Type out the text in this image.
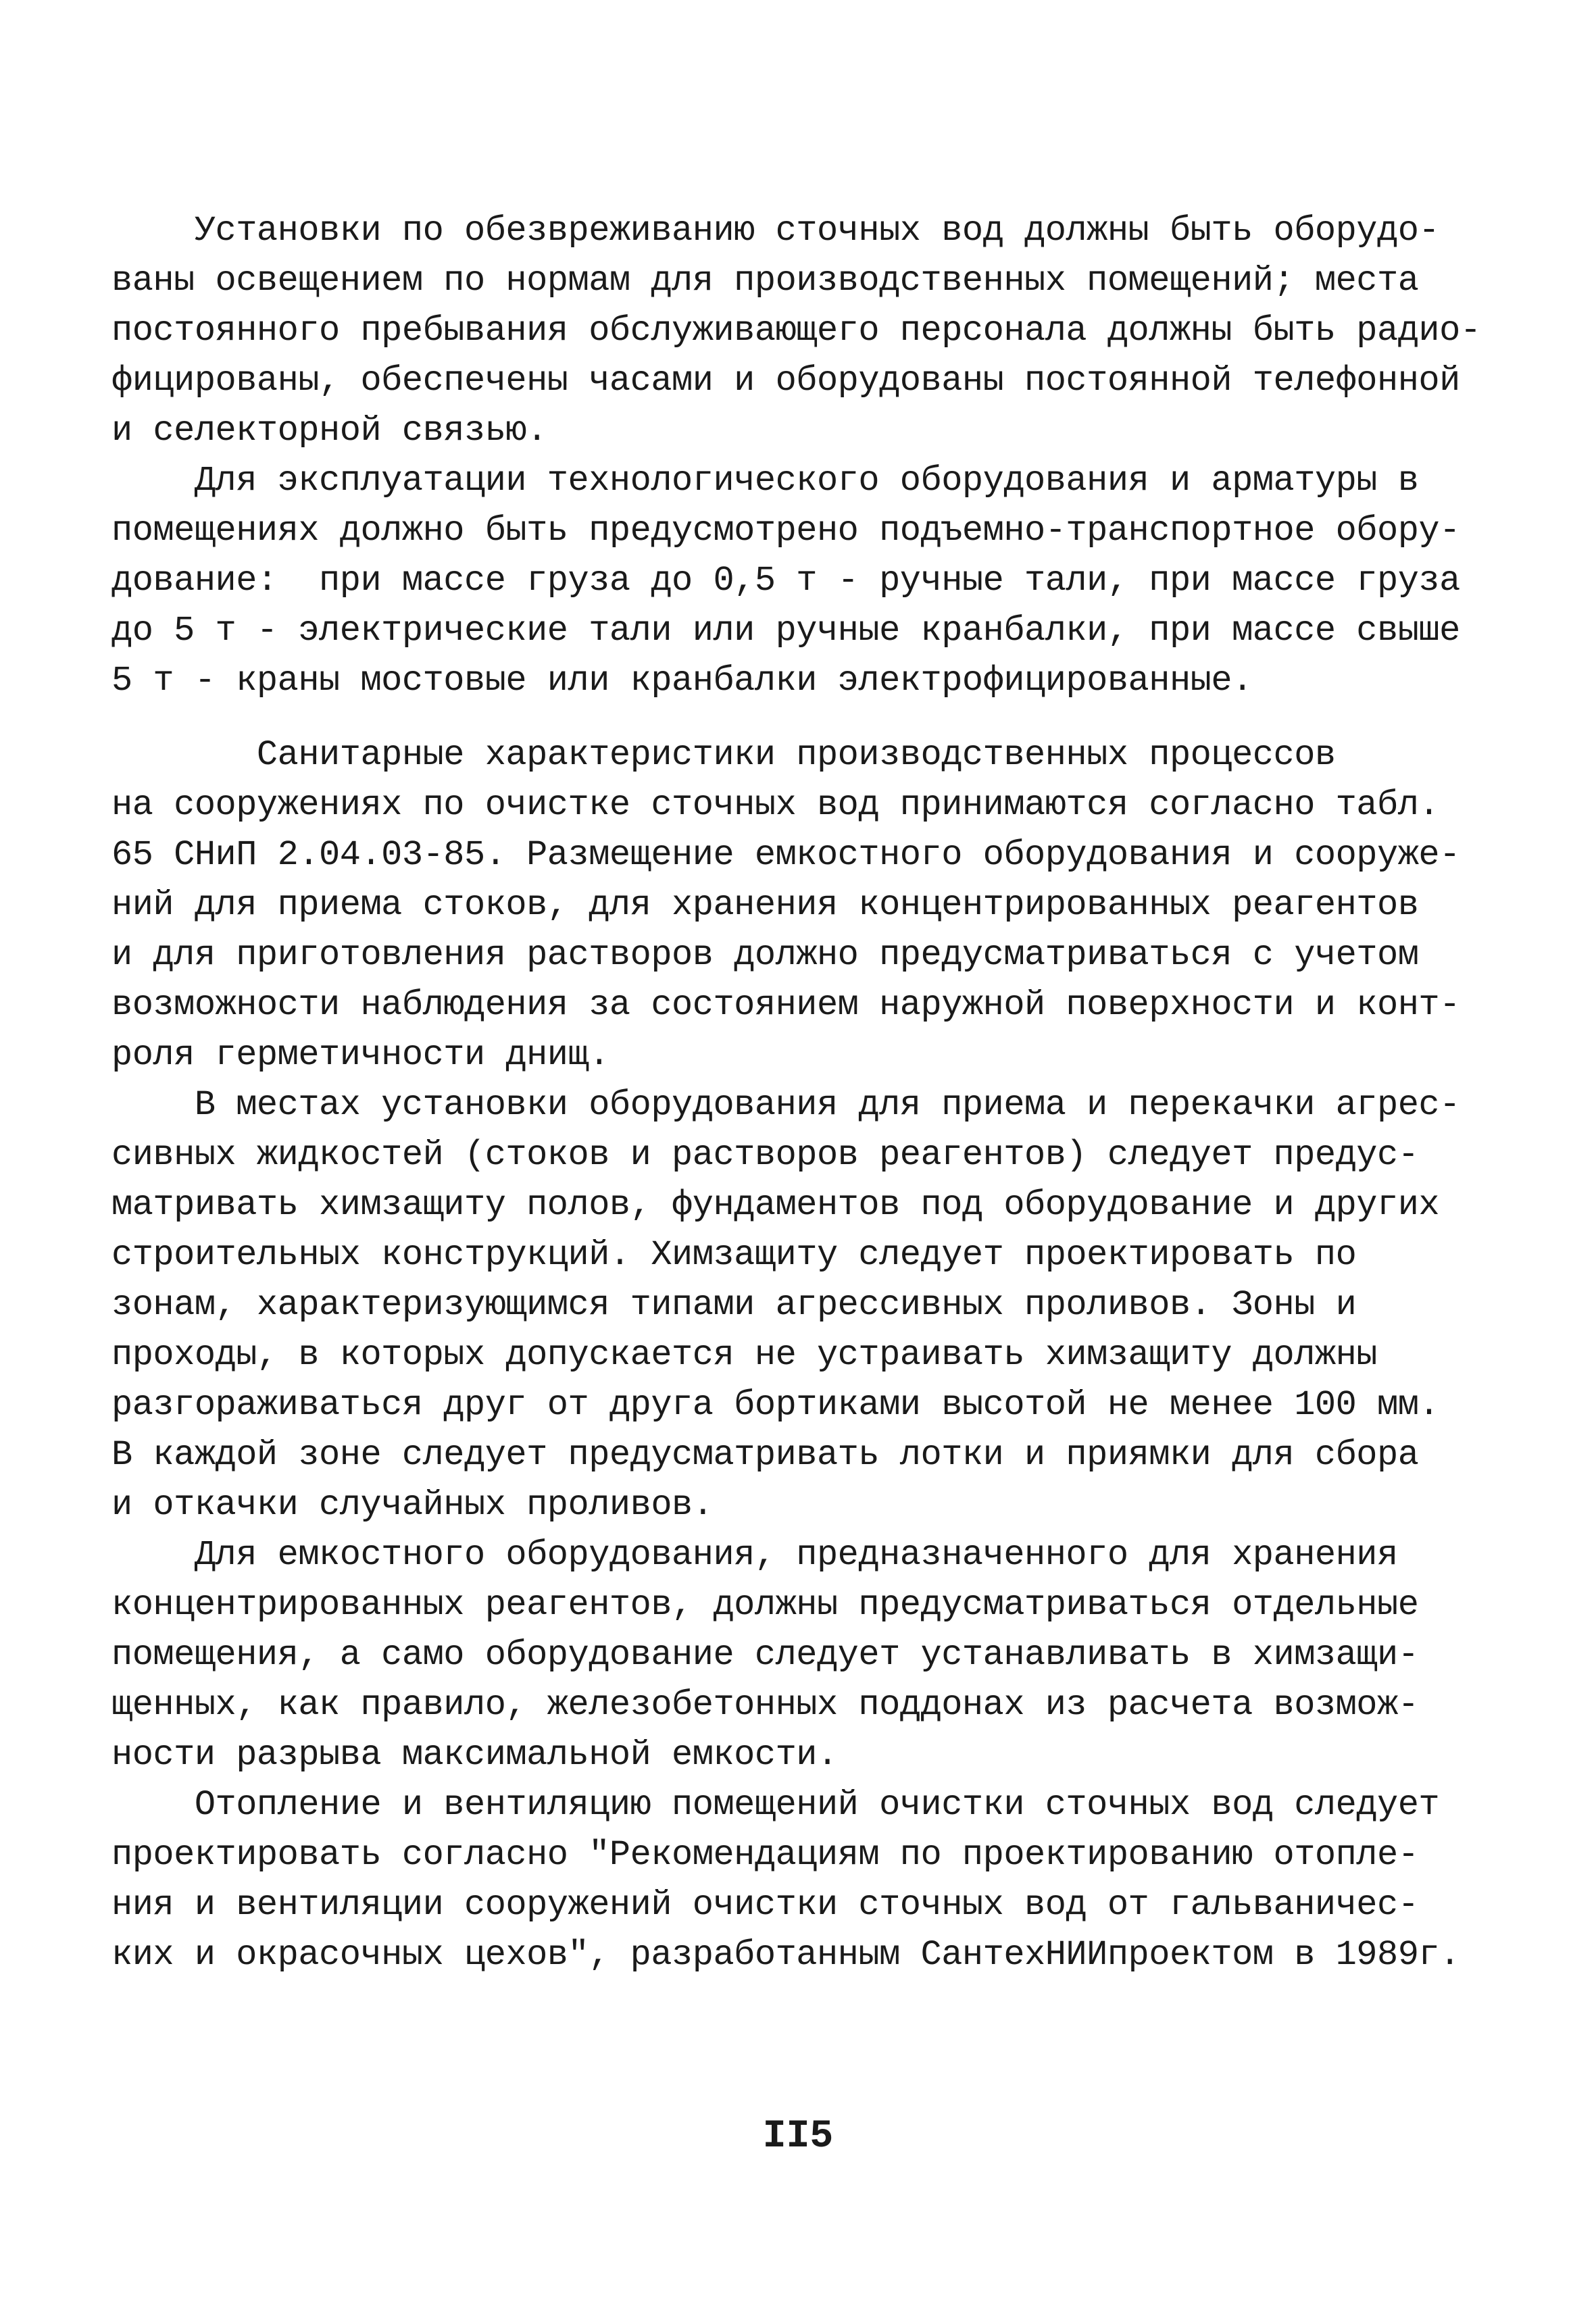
Установки по обезвреживанию сточных вод должны быть оборудо-
ваны освещением по нормам для производственных помещений; места
постоянного пребывания обслуживающего персонала должны быть радио-
фицированы, обеспечены часами и оборудованы постоянной телефонной
и селекторной связью.
Для эксплуатации технологического оборудования и арматуры в
помещениях должно быть предусмотрено подъемно-транспортное обору-
дование:  при массе груза до 0,5 т - ручные тали, при массе груза
до 5 т - электрические тали или ручные кранбалки, при массе свыше
5 т - краны мостовые или кранбалки электрофицированные.
Санитарные характеристики производственных процессов
на сооружениях по очистке сточных вод принимаются согласно табл.
65 СНиП 2.04.03-85. Размещение емкостного оборудования и сооруже-
ний для приема стоков, для хранения концентрированных реагентов
и для приготовления растворов должно предусматриваться с учетом
возможности наблюдения за состоянием наружной поверхности и конт-
роля герметичности днищ.
В местах установки оборудования для приема и перекачки агрес-
сивных жидкостей (стоков и растворов реагентов) следует предус-
матривать химзащиту полов, фундаментов под оборудование и других
строительных конструкций. Химзащиту следует проектировать по
зонам, характеризующимся типами агрессивных проливов. Зоны и
проходы, в которых допускается не устраивать химзащиту должны
разгораживаться друг от друга бортиками высотой не менее 100 мм.
В каждой зоне следует предусматривать лотки и приямки для сбора
и откачки случайных проливов.
Для емкостного оборудования, предназначенного для хранения
концентрированных реагентов, должны предусматриваться отдельные
помещения, а само оборудование следует устанавливать в химзащи-
щенных, как правило, железобетонных поддонах из расчета возмож-
ности разрыва максимальной емкости.
Отопление и вентиляцию помещений очистки сточных вод следует
проектировать согласно "Рекомендациям по проектированию отопле-
ния и вентиляции сооружений очистки сточных вод от гальваничес-
ких и окрасочных цехов", разработанным СантехНИИпроектом в 1989г.
II5
